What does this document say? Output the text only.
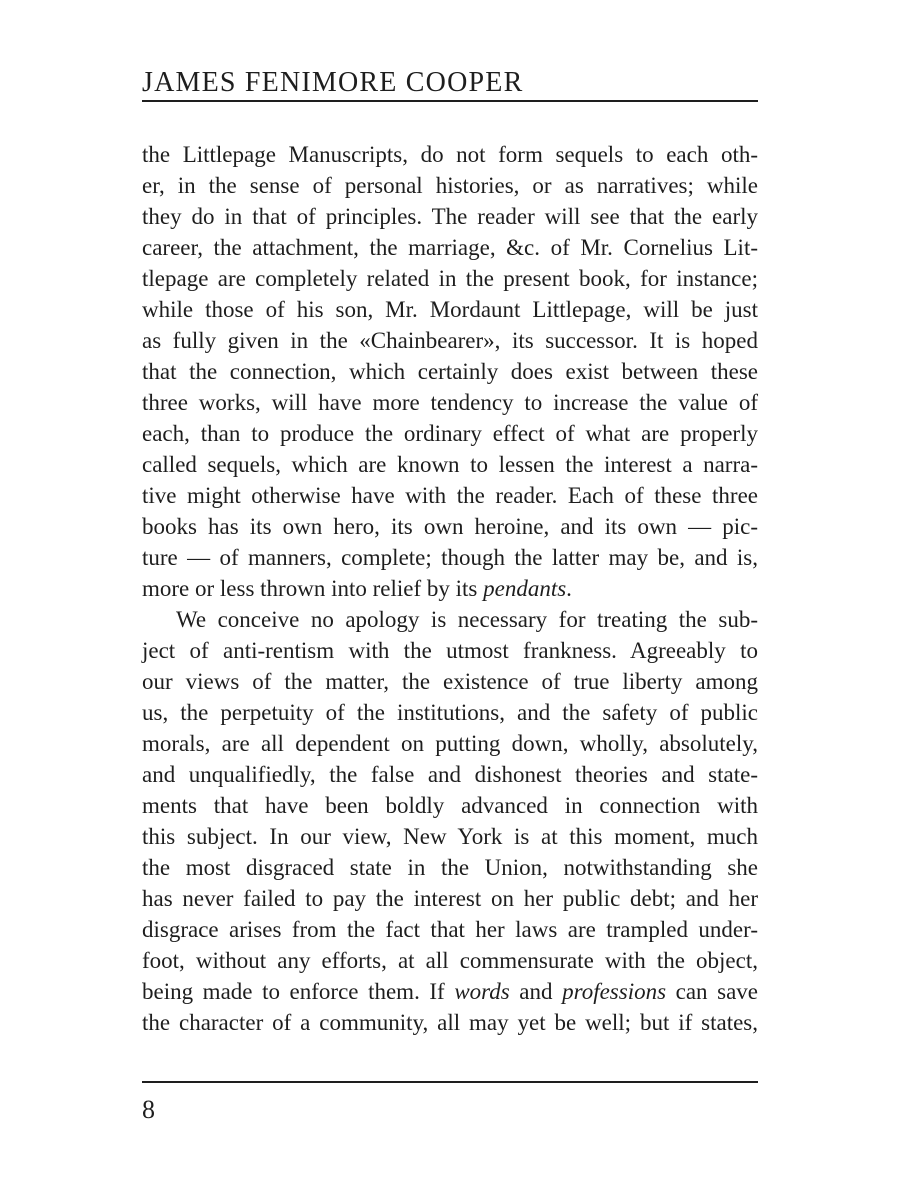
JAMES FENIMORE COOPER
the Littlepage Manuscripts, do not form sequels to each oth-
er, in the sense of personal histories, or as narratives; while
they do in that of principles. The reader will see that the early
career, the attachment, the marriage, &c. of Mr. Cornelius Lit-
tlepage are completely related in the present book, for instance;
while those of his son, Mr. Mordaunt Littlepage, will be just
as fully given in the «Chainbearer», its successor. It is hoped
that the connection, which certainly does exist between these
three works, will have more tendency to increase the value of
each, than to produce the ordinary effect of what are properly
called sequels, which are known to lessen the interest a narra-
tive might otherwise have with the reader. Each of these three
books has its own hero, its own heroine, and its own — pic-
ture — of manners, complete; though the latter may be, and is,
more or less thrown into relief by its pendants.
We conceive no apology is necessary for treating the sub-
ject of anti-rentism with the utmost frankness. Agreeably to
our views of the matter, the existence of true liberty among
us, the perpetuity of the institutions, and the safety of public
morals, are all dependent on putting down, wholly, absolutely,
and unqualifiedly, the false and dishonest theories and state-
ments that have been boldly advanced in connection with
this subject. In our view, New York is at this moment, much
the most disgraced state in the Union, notwithstanding she
has never failed to pay the interest on her public debt; and her
disgrace arises from the fact that her laws are trampled under-
foot, without any efforts, at all commensurate with the object,
being made to enforce them. If words and professions can save
the character of a community, all may yet be well; but if states,
8
